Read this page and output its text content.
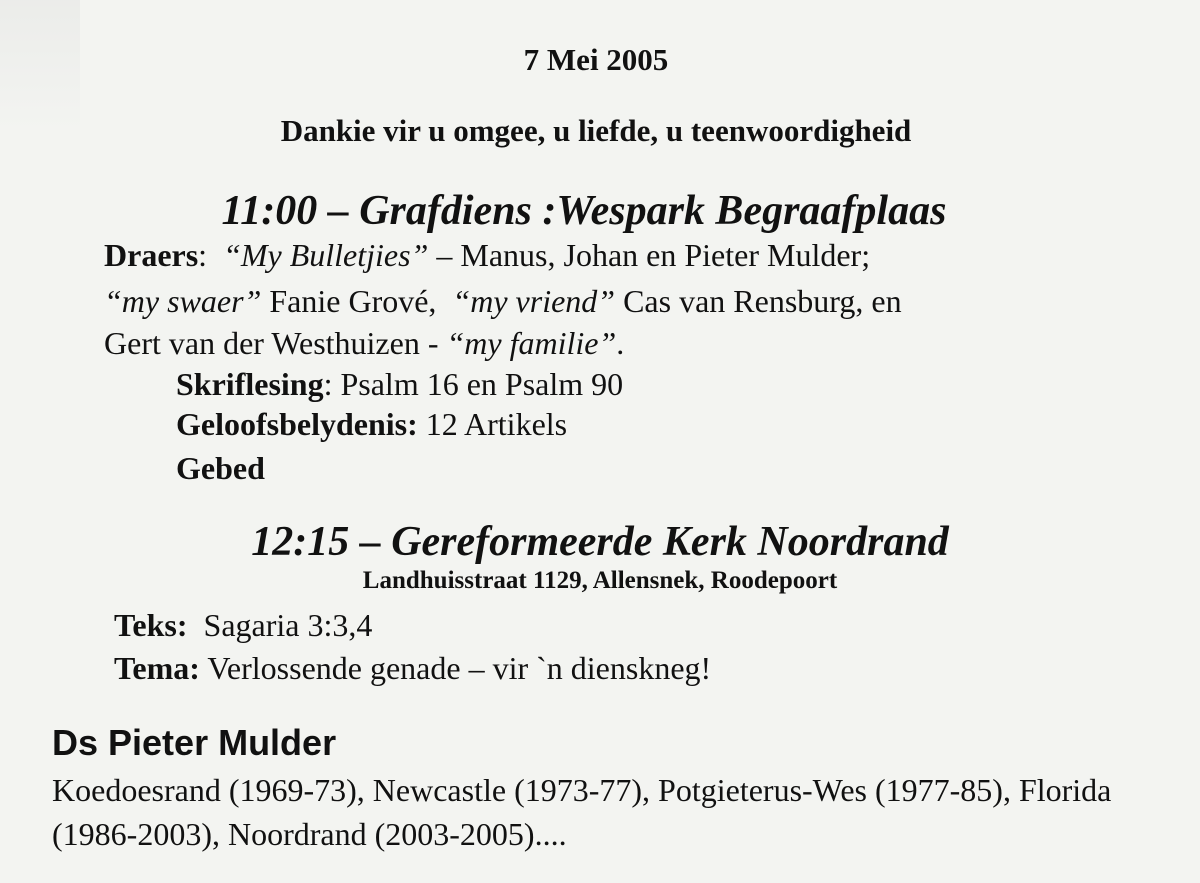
7 Mei 2005
Dankie vir u omgee, u liefde, u teenwoordigheid
11:00 – Grafdiens :Wespark Begraafplaas
Draers: “My Bulletjies” – Manus, Johan en Pieter Mulder;
“my swaer” Fanie Grové,  “my vriend” Cas van Rensburg, en
Gert van der Westhuizen - “my familie”.
Skriflesing: Psalm 16 en Psalm 90
Geloofsbelydenis: 12 Artikels
Gebed
12:15 – Gereformeerde Kerk Noordrand
Landhuisstraat 1129, Allensnek, Roodepoort
Teks:  Sagaria 3:3,4
Tema: Verlossende genade – vir `n dienskneg!
Ds Pieter Mulder
Koedoesrand (1969-73), Newcastle (1973-77), Potgieterus-Wes (1977-85), Florida (1986-2003), Noordrand (2003-2005)....
